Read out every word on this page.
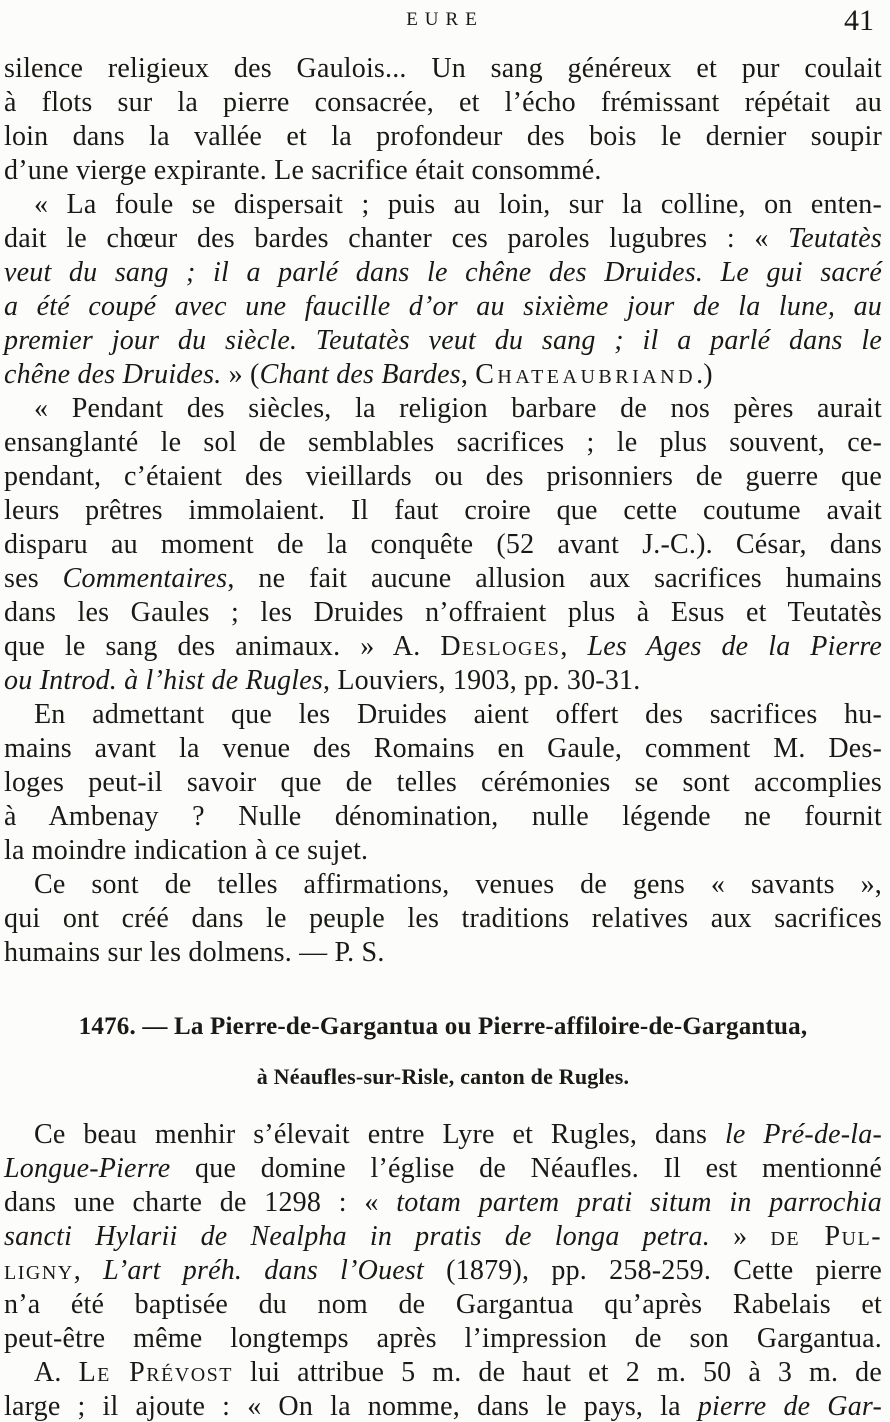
EURE	41
silence religieux des Gaulois... Un sang généreux et pur coulait
à flots sur la pierre consacrée, et l’écho frémissant répétait au
loin dans la vallée et la profondeur des bois le dernier soupir
d’une vierge expirante. Le sacrifice était consommé.
« La foule se dispersait ; puis au loin, sur la colline, on enten-
dait le chœur des bardes chanter ces paroles lugubres : « Teutatès
veut du sang ; il a parlé dans le chêne des Druides. Le gui sacré
a été coupé avec une faucille d’or au sixième jour de la lune, au
premier jour du siècle. Teutatès veut du sang ; il a parlé dans le
chêne des Druides. » (Chant des Bardes, Chateaubriand.)
« Pendant des siècles, la religion barbare de nos pères aurait
ensanglanté le sol de semblables sacrifices ; le plus souvent, ce-
pendant, c’étaient des vieillards ou des prisonniers de guerre que
leurs prêtres immolaient. Il faut croire que cette coutume avait
disparu au moment de la conquête (52 avant J.-C.). César, dans
ses Commentaires, ne fait aucune allusion aux sacrifices humains
dans les Gaules ; les Druides n’offraient plus à Esus et Teutatès
que le sang des animaux. » A. Desloges, Les Ages de la Pierre
ou Introd. à l’hist de Rugles, Louviers, 1903, pp. 30-31.
En admettant que les Druides aient offert des sacrifices hu-
mains avant la venue des Romains en Gaule, comment M. Des-
loges peut-il savoir que de telles cérémonies se sont accomplies
à Ambenay ? Nulle dénomination, nulle légende ne fournit
la moindre indication à ce sujet.
Ce sont de telles affirmations, venues de gens « savants »,
qui ont créé dans le peuple les traditions relatives aux sacrifices
humains sur les dolmens. — P. S.
1476. — La Pierre-de-Gargantua ou Pierre-affiloire-de-Gargantua,
à Néaufles-sur-Risle, canton de Rugles.
Ce beau menhir s’élevait entre Lyre et Rugles, dans le Pré-de-la-
Longue-Pierre que domine l’église de Néaufles. Il est mentionné
dans une charte de 1298 : « totam partem prati situm in parrochia
sancti Hylarii de Nealpha in pratis de longa petra. » de Pul-
ligny, L’art préh. dans l’Ouest (1879), pp. 258-259. Cette pierre
n’a été baptisée du nom de Gargantua qu’après Rabelais et
peut-être même longtemps après l’impression de son Gargantua.
A. Le Prévost lui attribue 5 m. de haut et 2 m. 50 à 3 m. de
large ; il ajoute : « On la nomme, dans le pays, la pierre de Gar-
